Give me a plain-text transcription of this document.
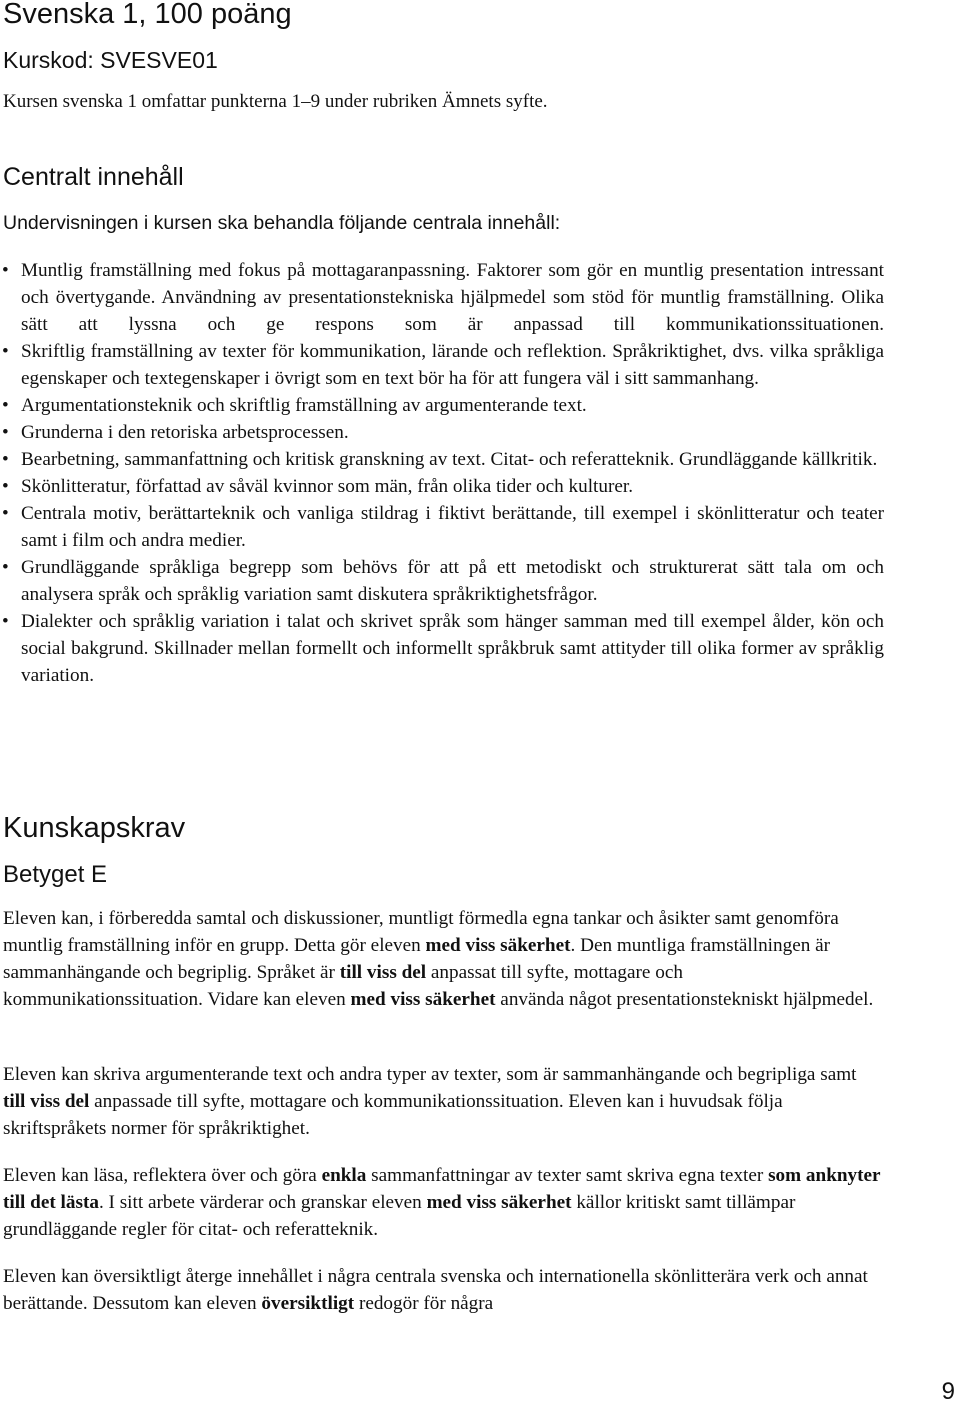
Svenska 1, 100 poäng
Kurskod: SVESVE01

Kursen svenska 1 omfattar punkterna 1–9 under rubriken Ämnets syfte.

Centralt innehåll

Undervisningen i kursen ska behandla följande centrala innehåll:

• Muntlig framställning med fokus på mottagaranpassning. Faktorer som gör en muntlig presentation intressant och övertygande. Användning av presentationstekniska hjälpmedel som stöd för muntlig framställning. Olika sätt att lyssna och ge respons som är anpassad till kommunikationssituationen.
• Skriftlig framställning av texter för kommunikation, lärande och reflektion. Språkriktighet, dvs. vilka språkliga egenskaper och textegenskaper i övrigt som en text bör ha för att fungera väl i sitt sammanhang.
• Argumentationsteknik och skriftlig framställning av argumenterande text.
• Grunderna i den retoriska arbetsprocessen.
• Bearbetning, sammanfattning och kritisk granskning av text. Citat- och referatteknik. Grundläggande källkritik.
• Skönlitteratur, författad av såväl kvinnor som män, från olika tider och kulturer.
• Centrala motiv, berättarteknik och vanliga stildrag i fiktivt berättande, till exempel i skönlitteratur och teater samt i film och andra medier.
• Grundläggande språkliga begrepp som behövs för att på ett metodiskt och strukturerat sätt tala om och analysera språk och språklig variation samt diskutera språkriktighetsfrågor.
• Dialekter och språklig variation i talat och skrivet språk som hänger samman med till exempel ålder, kön och social bakgrund. Skillnader mellan formellt och informellt språkbruk samt attityder till olika former av språklig variation.
Kunskapskrav
Betyget E

Eleven kan, i förberedda samtal och diskussioner, muntligt förmedla egna tankar och åsikter samt genomföra muntlig framställning inför en grupp. Detta gör eleven med viss säkerhet. Den muntliga framställningen är sammanhängande och begriplig. Språket är till viss del anpassat till syfte, mottagare och kommunikationssituation. Vidare kan eleven med viss säkerhet använda något presentationstekniskt hjälpmedel.

Eleven kan skriva argumenterande text och andra typer av texter, som är sammanhängande och begripliga samt till viss del anpassade till syfte, mottagare och kommunikationssituation. Eleven kan i huvudsak följa skriftspråkets normer för språkriktighet.

Eleven kan läsa, reflektera över och göra enkla sammanfattningar av texter samt skriva egna texter som anknyter till det lästa. I sitt arbete värderar och granskar eleven med viss säkerhet källor kritiskt samt tillämpar grundläggande regler för citat- och referatteknik.

Eleven kan översiktligt återge innehållet i några centrala svenska och internationella skönlitterära verk och annat berättande. Dessutom kan eleven översiktligt redogör för några

9
